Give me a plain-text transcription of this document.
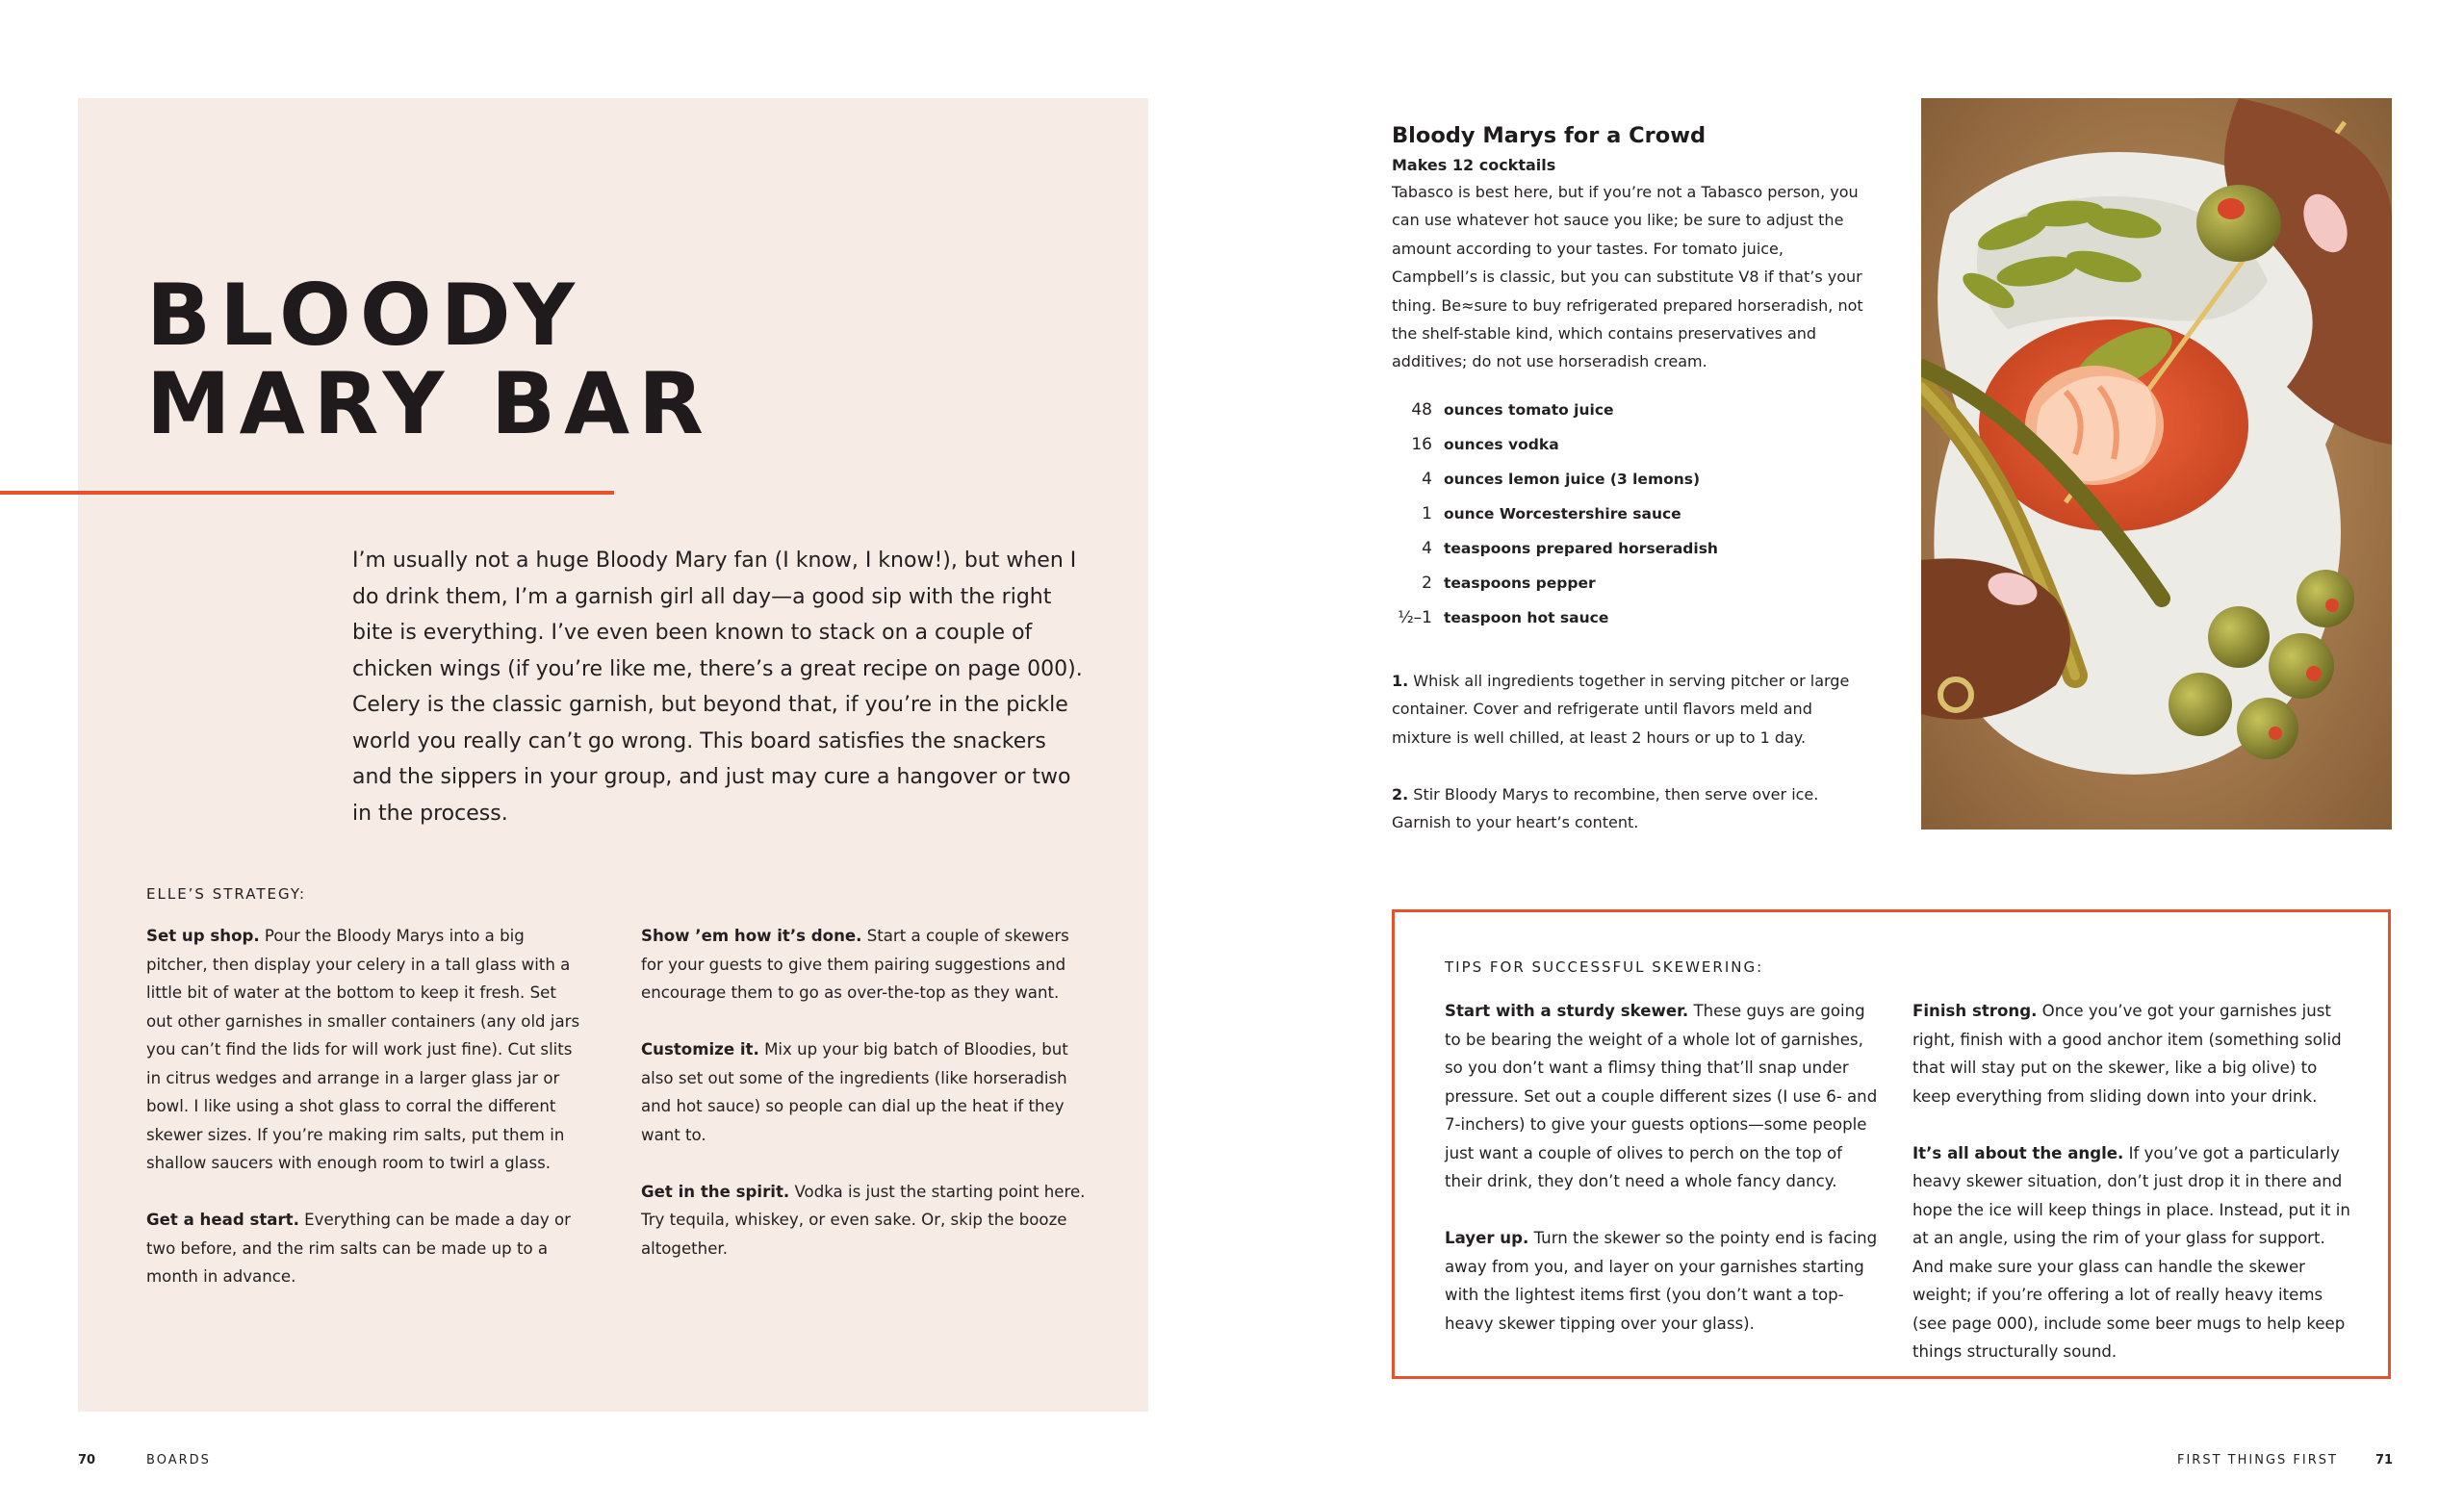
BLOODY
MARY BAR

I’m usually not a huge Bloody Mary fan (I know, I know!), but when I do drink them, I’m a garnish girl all day—a good sip with the right bite is everything. I’ve even been known to stack on a couple of chicken wings (if you’re like me, there’s a great recipe on page 000). Celery is the classic garnish, but beyond that, if you’re in the pickle world you really can’t go wrong. This board satisfies the snackers and the sippers in your group, and just may cure a hangover or two in the process.

ELLE’S STRATEGY:

Set up shop. Pour the Bloody Marys into a big pitcher, then display your celery in a tall glass with a little bit of water at the bottom to keep it fresh. Set out other garnishes in smaller containers (any old jars you can’t find the lids for will work just fine). Cut slits in citrus wedges and arrange in a larger glass jar or bowl. I like using a shot glass to corral the different skewer sizes. If you’re making rim salts, put them in shallow saucers with enough room to twirl a glass.

Get a head start. Everything can be made a day or two before, and the rim salts can be made up to a month in advance.

Show ’em how it’s done. Start a couple of skewers for your guests to give them pairing suggestions and encourage them to go as over-the-top as they want.

Customize it. Mix up your big batch of Bloodies, but also set out some of the ingredients (like horseradish and hot sauce) so people can dial up the heat if they want to.

Get in the spirit. Vodka is just the starting point here. Try tequila, whiskey, or even sake. Or, skip the booze altogether.

70	BOARDS
Bloody Marys for a Crowd
Makes 12 cocktails

Tabasco is best here, but if you’re not a Tabasco person, you can use whatever hot sauce you like; be sure to adjust the amount according to your tastes. For tomato juice, Campbell’s is classic, but you can substitute V8 if that’s your thing. Be≈sure to buy refrigerated prepared horseradish, not the shelf-stable kind, which contains preservatives and additives; do not use horseradish cream.

48 ounces tomato juice
16 ounces vodka
4 ounces lemon juice (3 lemons)
1 ounce Worcestershire sauce
4 teaspoons prepared horseradish
2 teaspoons pepper
½–1 teaspoon hot sauce

1. Whisk all ingredients together in serving pitcher or large container. Cover and refrigerate until flavors meld and mixture is well chilled, at least 2 hours or up to 1 day.

2. Stir Bloody Marys to recombine, then serve over ice. Garnish to your heart’s content.

TIPS FOR SUCCESSFUL SKEWERING:

Start with a sturdy skewer. These guys are going to be bearing the weight of a whole lot of garnishes, so you don’t want a flimsy thing that’ll snap under pressure. Set out a couple different sizes (I use 6- and 7-inchers) to give your guests options—some people just want a couple of olives to perch on the top of their drink, they don’t need a whole fancy dancy.

Layer up. Turn the skewer so the pointy end is facing away from you, and layer on your garnishes starting with the lightest items first (you don’t want a top-heavy skewer tipping over your glass).

Finish strong. Once you’ve got your garnishes just right, finish with a good anchor item (something solid that will stay put on the skewer, like a big olive) to keep everything from sliding down into your drink.

It’s all about the angle. If you’ve got a particularly heavy skewer situation, don’t just drop it in there and hope the ice will keep things in place. Instead, put it in at an angle, using the rim of your glass for support. And make sure your glass can handle the skewer weight; if you’re offering a lot of really heavy items (see page 000), include some beer mugs to help keep things structurally sound.

FIRST THINGS FIRST	71
